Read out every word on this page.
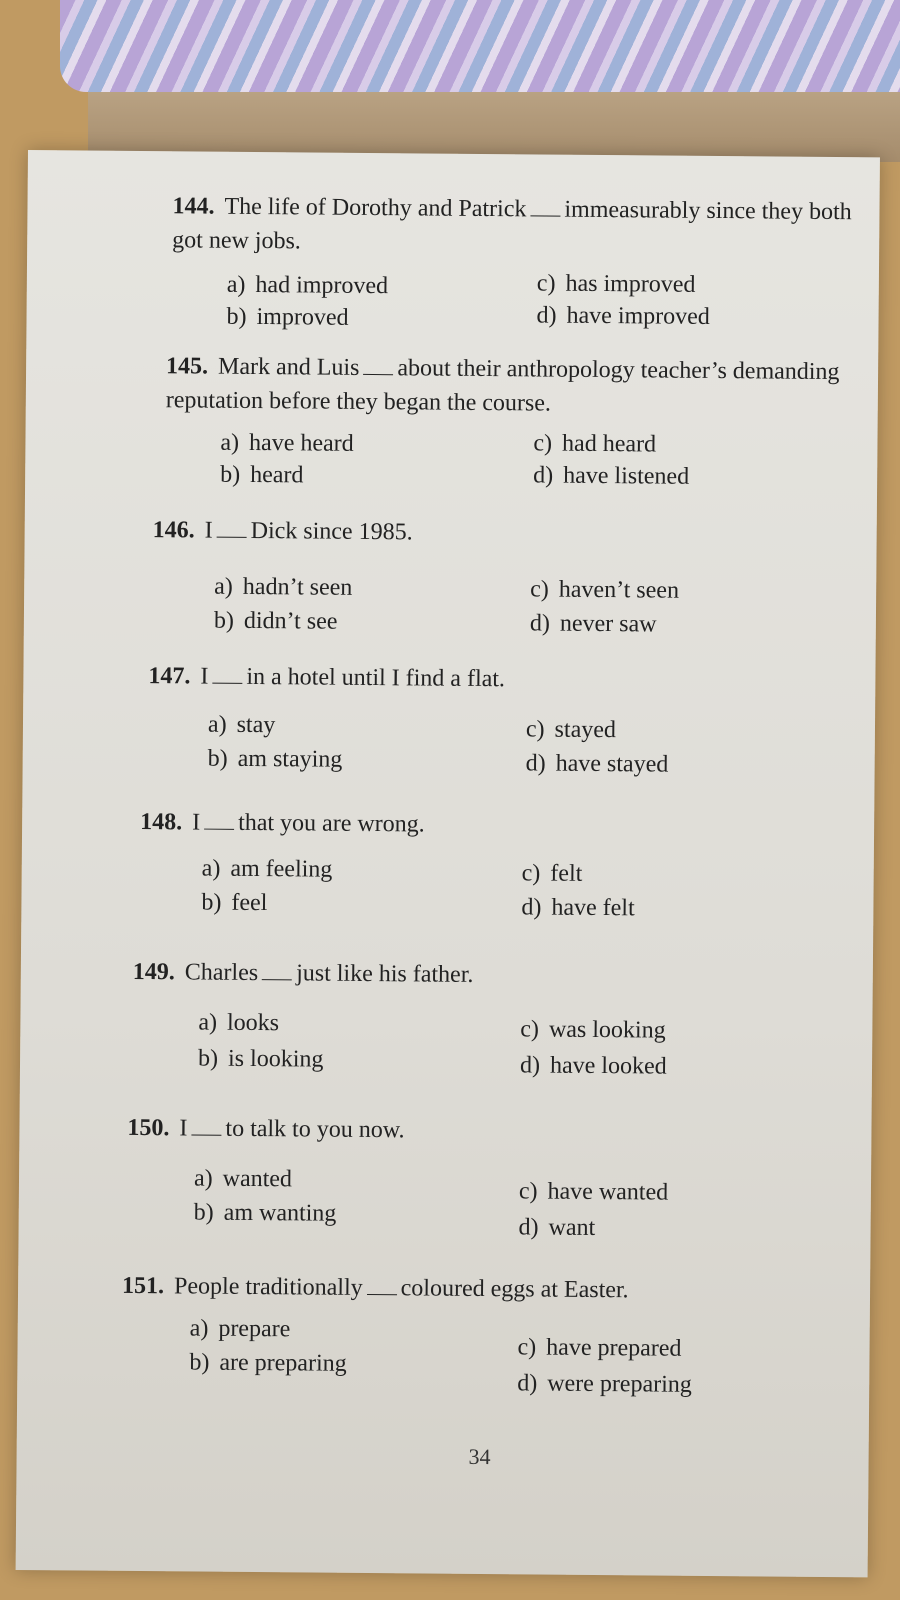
144. The life of Dorothy and Patrick immeasurably since they both got new jobs.
a) had improved
b) improved
c) has improved
d) have improved
145. Mark and Luis about their anthropology teacher’s demanding reputation before they began the course.
a) have heard
b) heard
c) had heard
d) have listened
146. I Dick since 1985.
a) hadn’t seen
b) didn’t see
c) haven’t seen
d) never saw
147. I in a hotel until I find a flat.
a) stay
b) am staying
c) stayed
d) have stayed
148. I that you are wrong.
a) am feeling
b) feel
c) felt
d) have felt
149. Charles just like his father.
a) looks
b) is looking
c) was looking
d) have looked
150. I to talk to you now.
a) wanted
b) am wanting
c) have wanted
d) want
151. People traditionally coloured eggs at Easter.
a) prepare
b) are preparing
c) have prepared
d) were preparing
34
